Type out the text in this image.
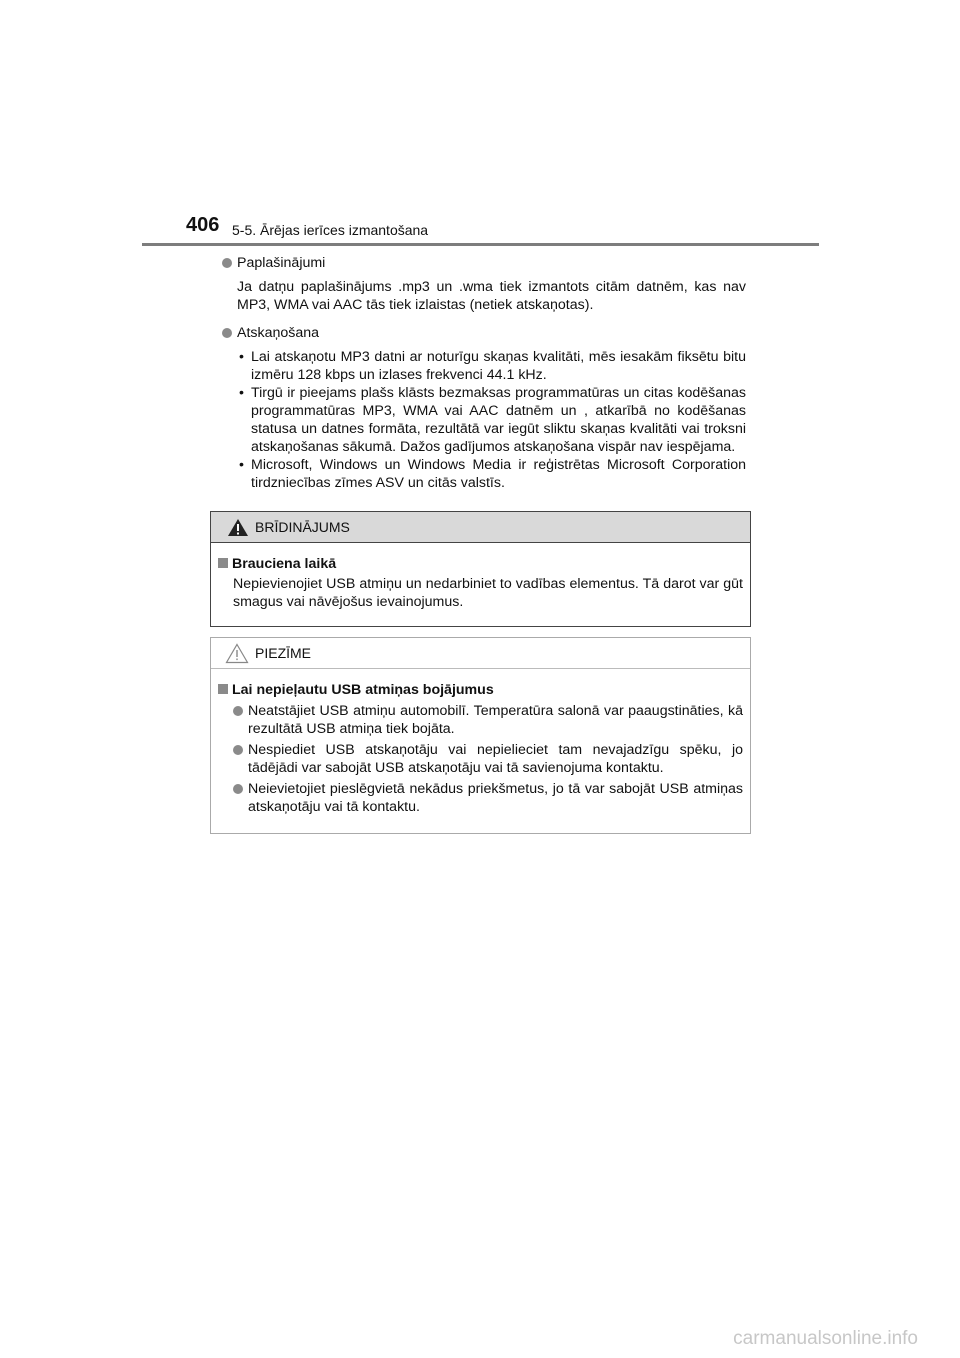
406 5-5. Ārējas ierīces izmantošana
Paplašinājumi
Ja datņu paplašinājums .mp3 un .wma tiek izmantots citām datnēm, kas nav MP3, WMA vai AAC tās tiek izlaistas (netiek atskaņotas).
Atskaņošana
• Lai atskaņotu MP3 datni ar noturīgu skaņas kvalitāti, mēs iesakām fiksētu bitu izmēru 128 kbps un izlases frekvenci 44.1 kHz.
• Tirgū ir pieejams plašs klāsts bezmaksas programmatūras un citas kodēšanas programmatūras MP3, WMA vai AAC datnēm un , atkarībā no kodēšanas statusa un datnes formāta, rezultātā var iegūt sliktu skaņas kvalitāti vai troksni atskaņošanas sākumā. Dažos gadījumos atskaņošana vispār nav iespējama.
• Microsoft, Windows un Windows Media ir reģistrētas Microsoft Corporation tirdzniecības zīmes ASV un citās valstīs.
BRĪDINĀJUMS
Brauciena laikā
Nepievienojiet USB atmiņu un nedarbiniet to vadības elementus. Tā darot var gūt smagus vai nāvējošus ievainojumus.
PIEZĪME
Lai nepieļautu USB atmiņas bojājumus
Neatstājiet USB atmiņu automobilī. Temperatūra salonā var paaugstināties, kā rezultātā USB atmiņa tiek bojāta.
Nespiediet USB atskaņotāju vai nepielieciet tam nevajadzīgu spēku, jo tādējādi var sabojāt USB atskaņotāju vai tā savienojuma kontaktu.
Neievietojiet pieslēgvietā nekādus priekšmetus, jo tā var sabojāt USB atmiņas atskaņotāju vai tā kontaktu.
carmanualsonline.info
